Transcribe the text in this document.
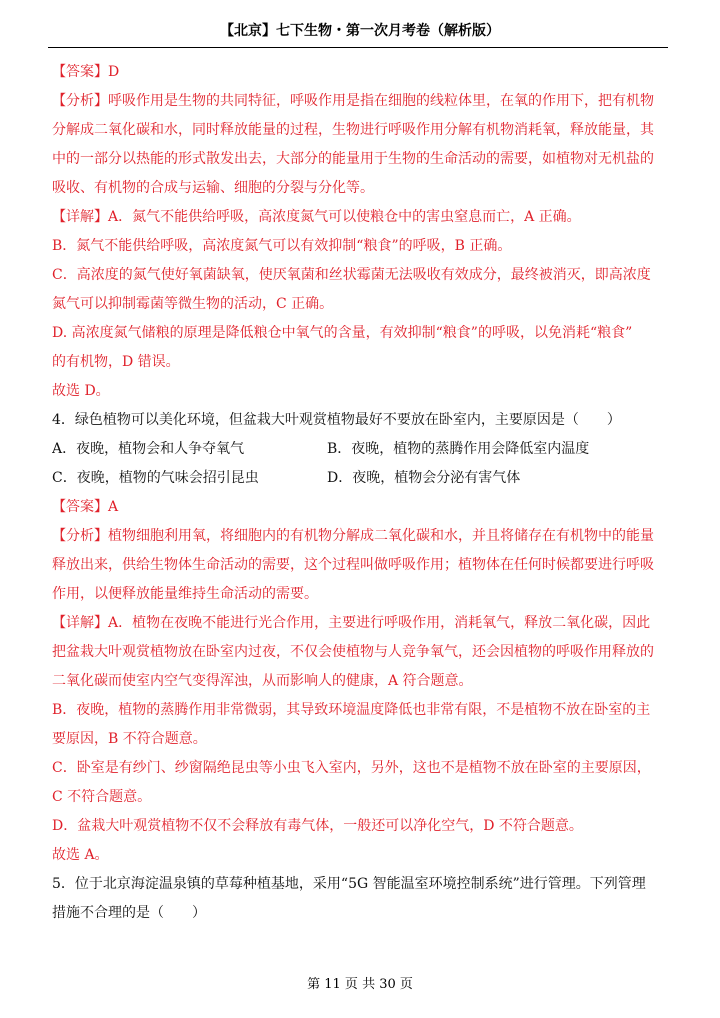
【北京】七下生物・第一次月考卷（解析版）
【答案】D
【分析】呼吸作用是生物的共同特征，呼吸作用是指在细胞的线粒体里，在氧的作用下，把有机物
分解成二氧化碳和水，同时释放能量的过程，生物进行呼吸作用分解有机物消耗氧，释放能量，其
中的一部分以热能的形式散发出去，大部分的能量用于生物的生命活动的需要，如植物对无机盐的
吸收、有机物的合成与运输、细胞的分裂与分化等。
【详解】A．氮气不能供给呼吸，高浓度氮气可以使粮仓中的害虫窒息而亡，A 正确。
B．氮气不能供给呼吸，高浓度氮气可以有效抑制“粮食”的呼吸，B 正确。
C．高浓度的氮气使好氧菌缺氧，使厌氧菌和丝状霉菌无法吸收有效成分，最终被消灭，即高浓度
氮气可以抑制霉菌等微生物的活动，C 正确。
D. 高浓度氮气储粮的原理是降低粮仓中氧气的含量，有效抑制“粮食”的呼吸，以免消耗“粮食”
的有机物，D 错误。
故选 D。
4．绿色植物可以美化环境，但盆栽大叶观赏植物最好不要放在卧室内，主要原因是（　　）
A．夜晚，植物会和人争夺氧气	B．夜晚，植物的蒸腾作用会降低室内温度
C．夜晚，植物的气味会招引昆虫	D．夜晚，植物会分泌有害气体
【答案】A
【分析】植物细胞利用氧，将细胞内的有机物分解成二氧化碳和水，并且将储存在有机物中的能量
释放出来，供给生物体生命活动的需要，这个过程叫做呼吸作用；植物体在任何时候都要进行呼吸
作用，以便释放能量维持生命活动的需要。
【详解】A．植物在夜晚不能进行光合作用，主要进行呼吸作用，消耗氧气，释放二氧化碳，因此
把盆栽大叶观赏植物放在卧室内过夜，不仅会使植物与人竞争氧气，还会因植物的呼吸作用释放的
二氧化碳而使室内空气变得浑浊，从而影响人的健康，A 符合题意。
B．夜晚，植物的蒸腾作用非常微弱，其导致环境温度降低也非常有限，不是植物不放在卧室的主
要原因，B 不符合题意。
C．卧室是有纱门、纱窗隔绝昆虫等小虫飞入室内，另外，这也不是植物不放在卧室的主要原因，
C 不符合题意。
D．盆栽大叶观赏植物不仅不会释放有毒气体，一般还可以净化空气，D 不符合题意。
故选 A。
5．位于北京海淀温泉镇的草莓种植基地，采用“5G 智能温室环境控制系统”进行管理。下列管理
措施不合理的是（　　）
第 11 页 共 30 页
